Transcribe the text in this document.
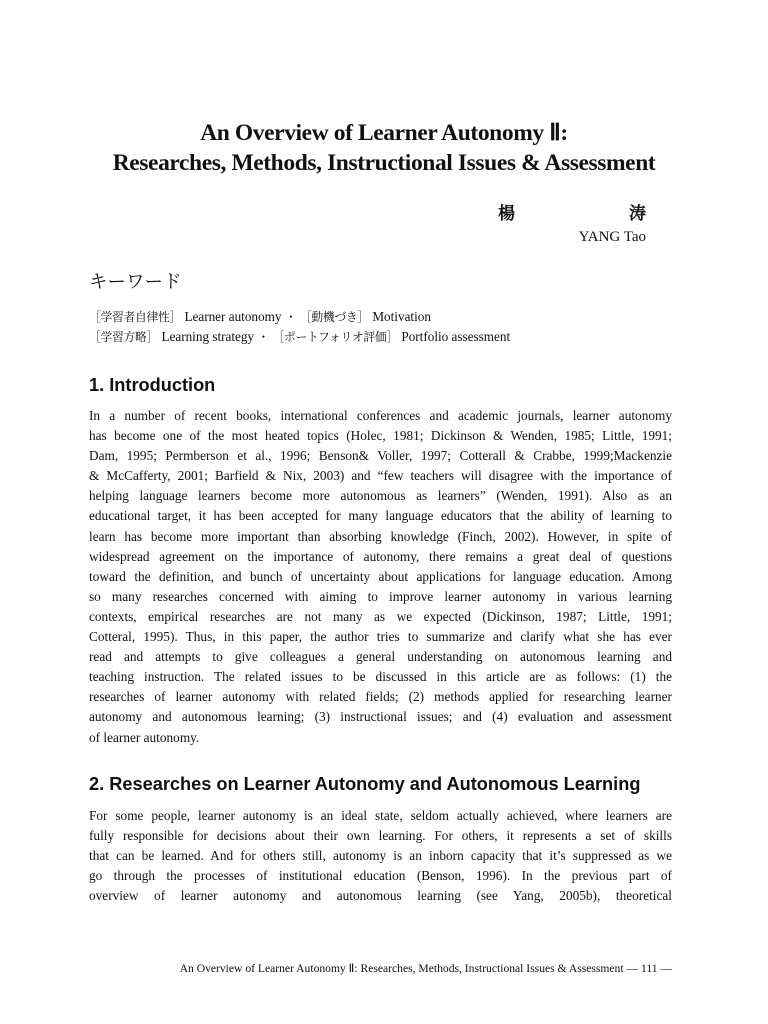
An Overview of Learner Autonomy Ⅱ:
Researches, Methods, Instructional Issues & Assessment
楊	涛
YANG Tao
キーワード
［学習者自律性］ Learner autonomy ・ ［動機づき］ Motivation
［学習方略］ Learning strategy ・ ［ポートフォリオ評価］ Portfolio assessment
1. Introduction
In a number of recent books, international conferences and academic journals, learner autonomy
has become one of the most heated topics (Holec, 1981; Dickinson & Wenden, 1985; Little, 1991;
Dam, 1995; Permberson et al., 1996; Benson& Voller, 1997; Cotterall & Crabbe, 1999;Mackenzie
& McCafferty, 2001; Barfield & Nix, 2003) and “few teachers will disagree with the importance of
helping language learners become more autonomous as learners” (Wenden, 1991). Also as an
educational target, it has been accepted for many language educators that the ability of learning to
learn has become more important than absorbing knowledge (Finch, 2002). However, in spite of
widespread agreement on the importance of autonomy, there remains a great deal of questions
toward the definition, and bunch of uncertainty about applications for language education. Among
so many researches concerned with aiming to improve learner autonomy in various learning
contexts, empirical researches are not many as we expected (Dickinson, 1987; Little, 1991;
Cotteral, 1995). Thus, in this paper, the author tries to summarize and clarify what she has ever
read and attempts to give colleagues a general understanding on autonomous learning and
teaching instruction. The related issues to be discussed in this article are as follows: (1) the
researches of learner autonomy with related fields; (2) methods applied for researching learner
autonomy and autonomous learning; (3) instructional issues; and (4) evaluation and assessment
of learner autonomy.
2. Researches on Learner Autonomy and Autonomous Learning
For some people, learner autonomy is an ideal state, seldom actually achieved, where learners are
fully responsible for decisions about their own learning. For others, it represents a set of skills
that can be learned. And for others still, autonomy is an inborn capacity that it’s suppressed as we
go through the processes of institutional education (Benson, 1996). In the previous part of
overview of learner autonomy and autonomous learning (see Yang, 2005b), theoretical
An Overview of Learner Autonomy Ⅱ: Researches, Methods, Instructional Issues & Assessment — 111 —
